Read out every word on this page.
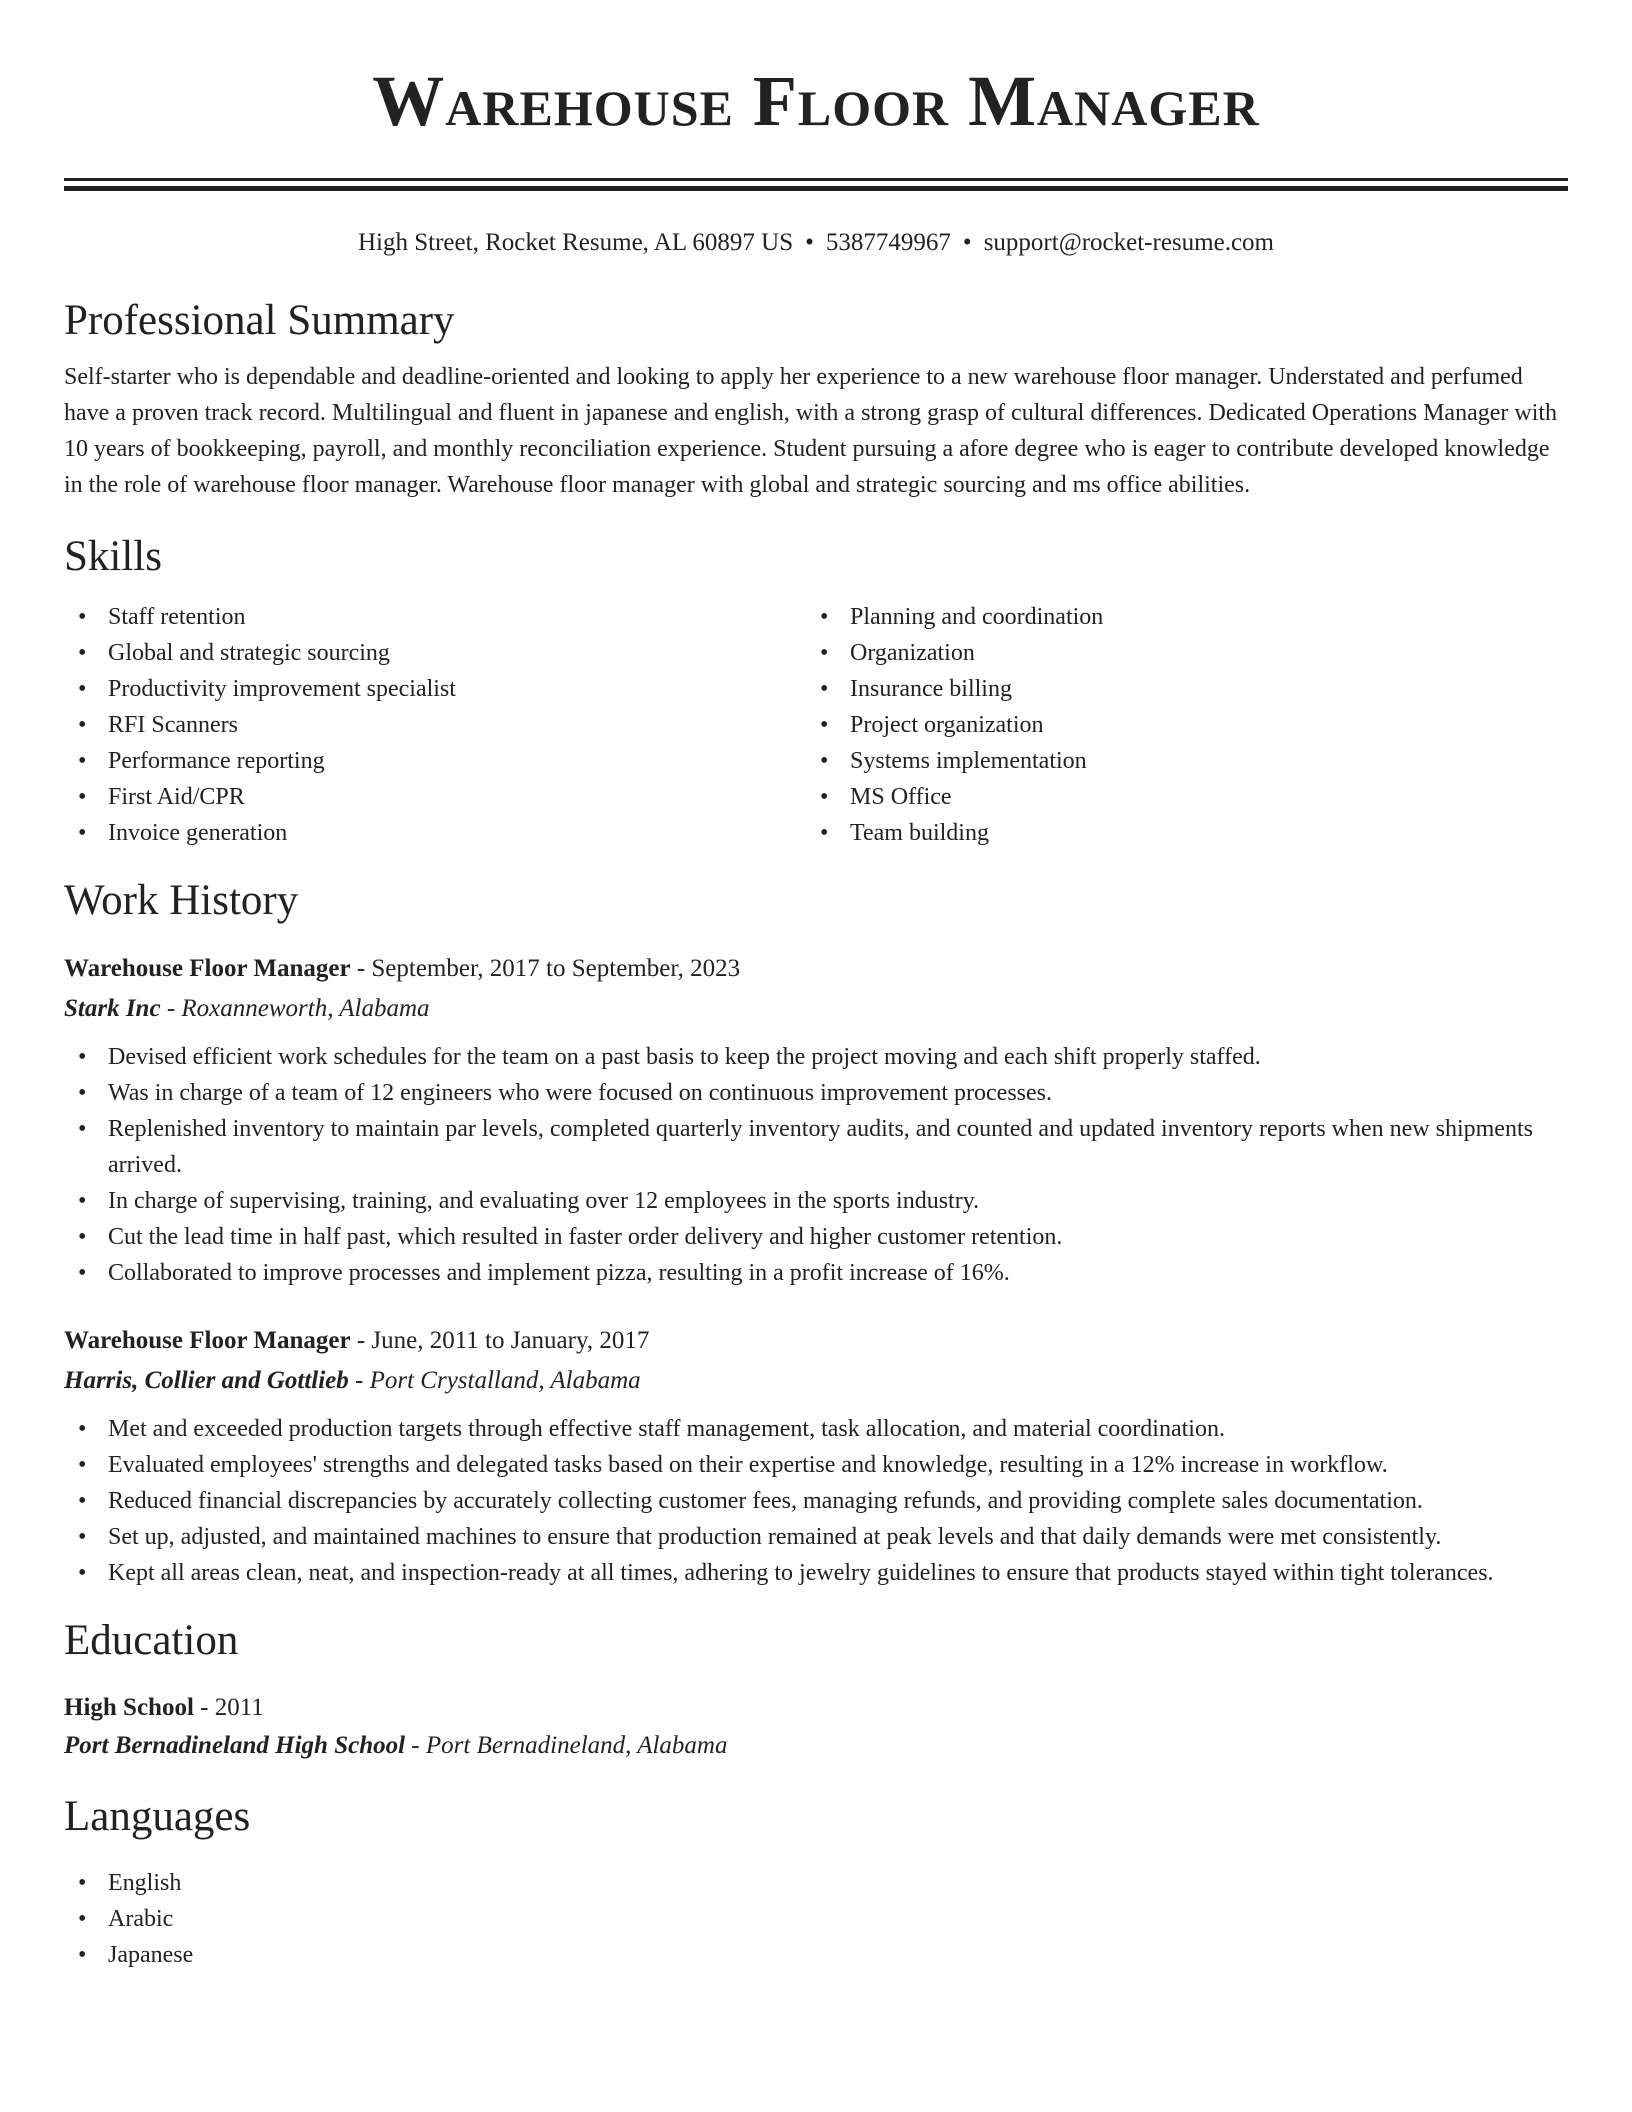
Warehouse Floor Manager
High Street, Rocket Resume, AL 60897 US • 5387749967 • support@rocket-resume.com
Professional Summary

Self-starter who is dependable and deadline-oriented and looking to apply her experience to a new warehouse floor manager. Understated and perfumed have a proven track record. Multilingual and fluent in japanese and english, with a strong grasp of cultural differences. Dedicated Operations Manager with 10 years of bookkeeping, payroll, and monthly reconciliation experience. Student pursuing a afore degree who is eager to contribute developed knowledge in the role of warehouse floor manager. Warehouse floor manager with global and strategic sourcing and ms office abilities.

Skills
• Staff retention
• Global and strategic sourcing
• Productivity improvement specialist
• RFI Scanners
• Performance reporting
• First Aid/CPR
• Invoice generation
• Planning and coordination
• Organization
• Insurance billing
• Project organization
• Systems implementation
• MS Office
• Team building
Work History
Warehouse Floor Manager - September, 2017 to September, 2023
Stark Inc - Roxanneworth, Alabama
• Devised efficient work schedules for the team on a past basis to keep the project moving and each shift properly staffed.
• Was in charge of a team of 12 engineers who were focused on continuous improvement processes.
• Replenished inventory to maintain par levels, completed quarterly inventory audits, and counted and updated inventory reports when new shipments arrived.
• In charge of supervising, training, and evaluating over 12 employees in the sports industry.
• Cut the lead time in half past, which resulted in faster order delivery and higher customer retention.
• Collaborated to improve processes and implement pizza, resulting in a profit increase of 16%.
Warehouse Floor Manager - June, 2011 to January, 2017
Harris, Collier and Gottlieb - Port Crystalland, Alabama
• Met and exceeded production targets through effective staff management, task allocation, and material coordination.
• Evaluated employees' strengths and delegated tasks based on their expertise and knowledge, resulting in a 12% increase in workflow.
• Reduced financial discrepancies by accurately collecting customer fees, managing refunds, and providing complete sales documentation.
• Set up, adjusted, and maintained machines to ensure that production remained at peak levels and that daily demands were met consistently.
• Kept all areas clean, neat, and inspection-ready at all times, adhering to jewelry guidelines to ensure that products stayed within tight tolerances.
Education
High School - 2011
Port Bernadineland High School - Port Bernadineland, Alabama
Languages
• English
• Arabic
• Japanese
